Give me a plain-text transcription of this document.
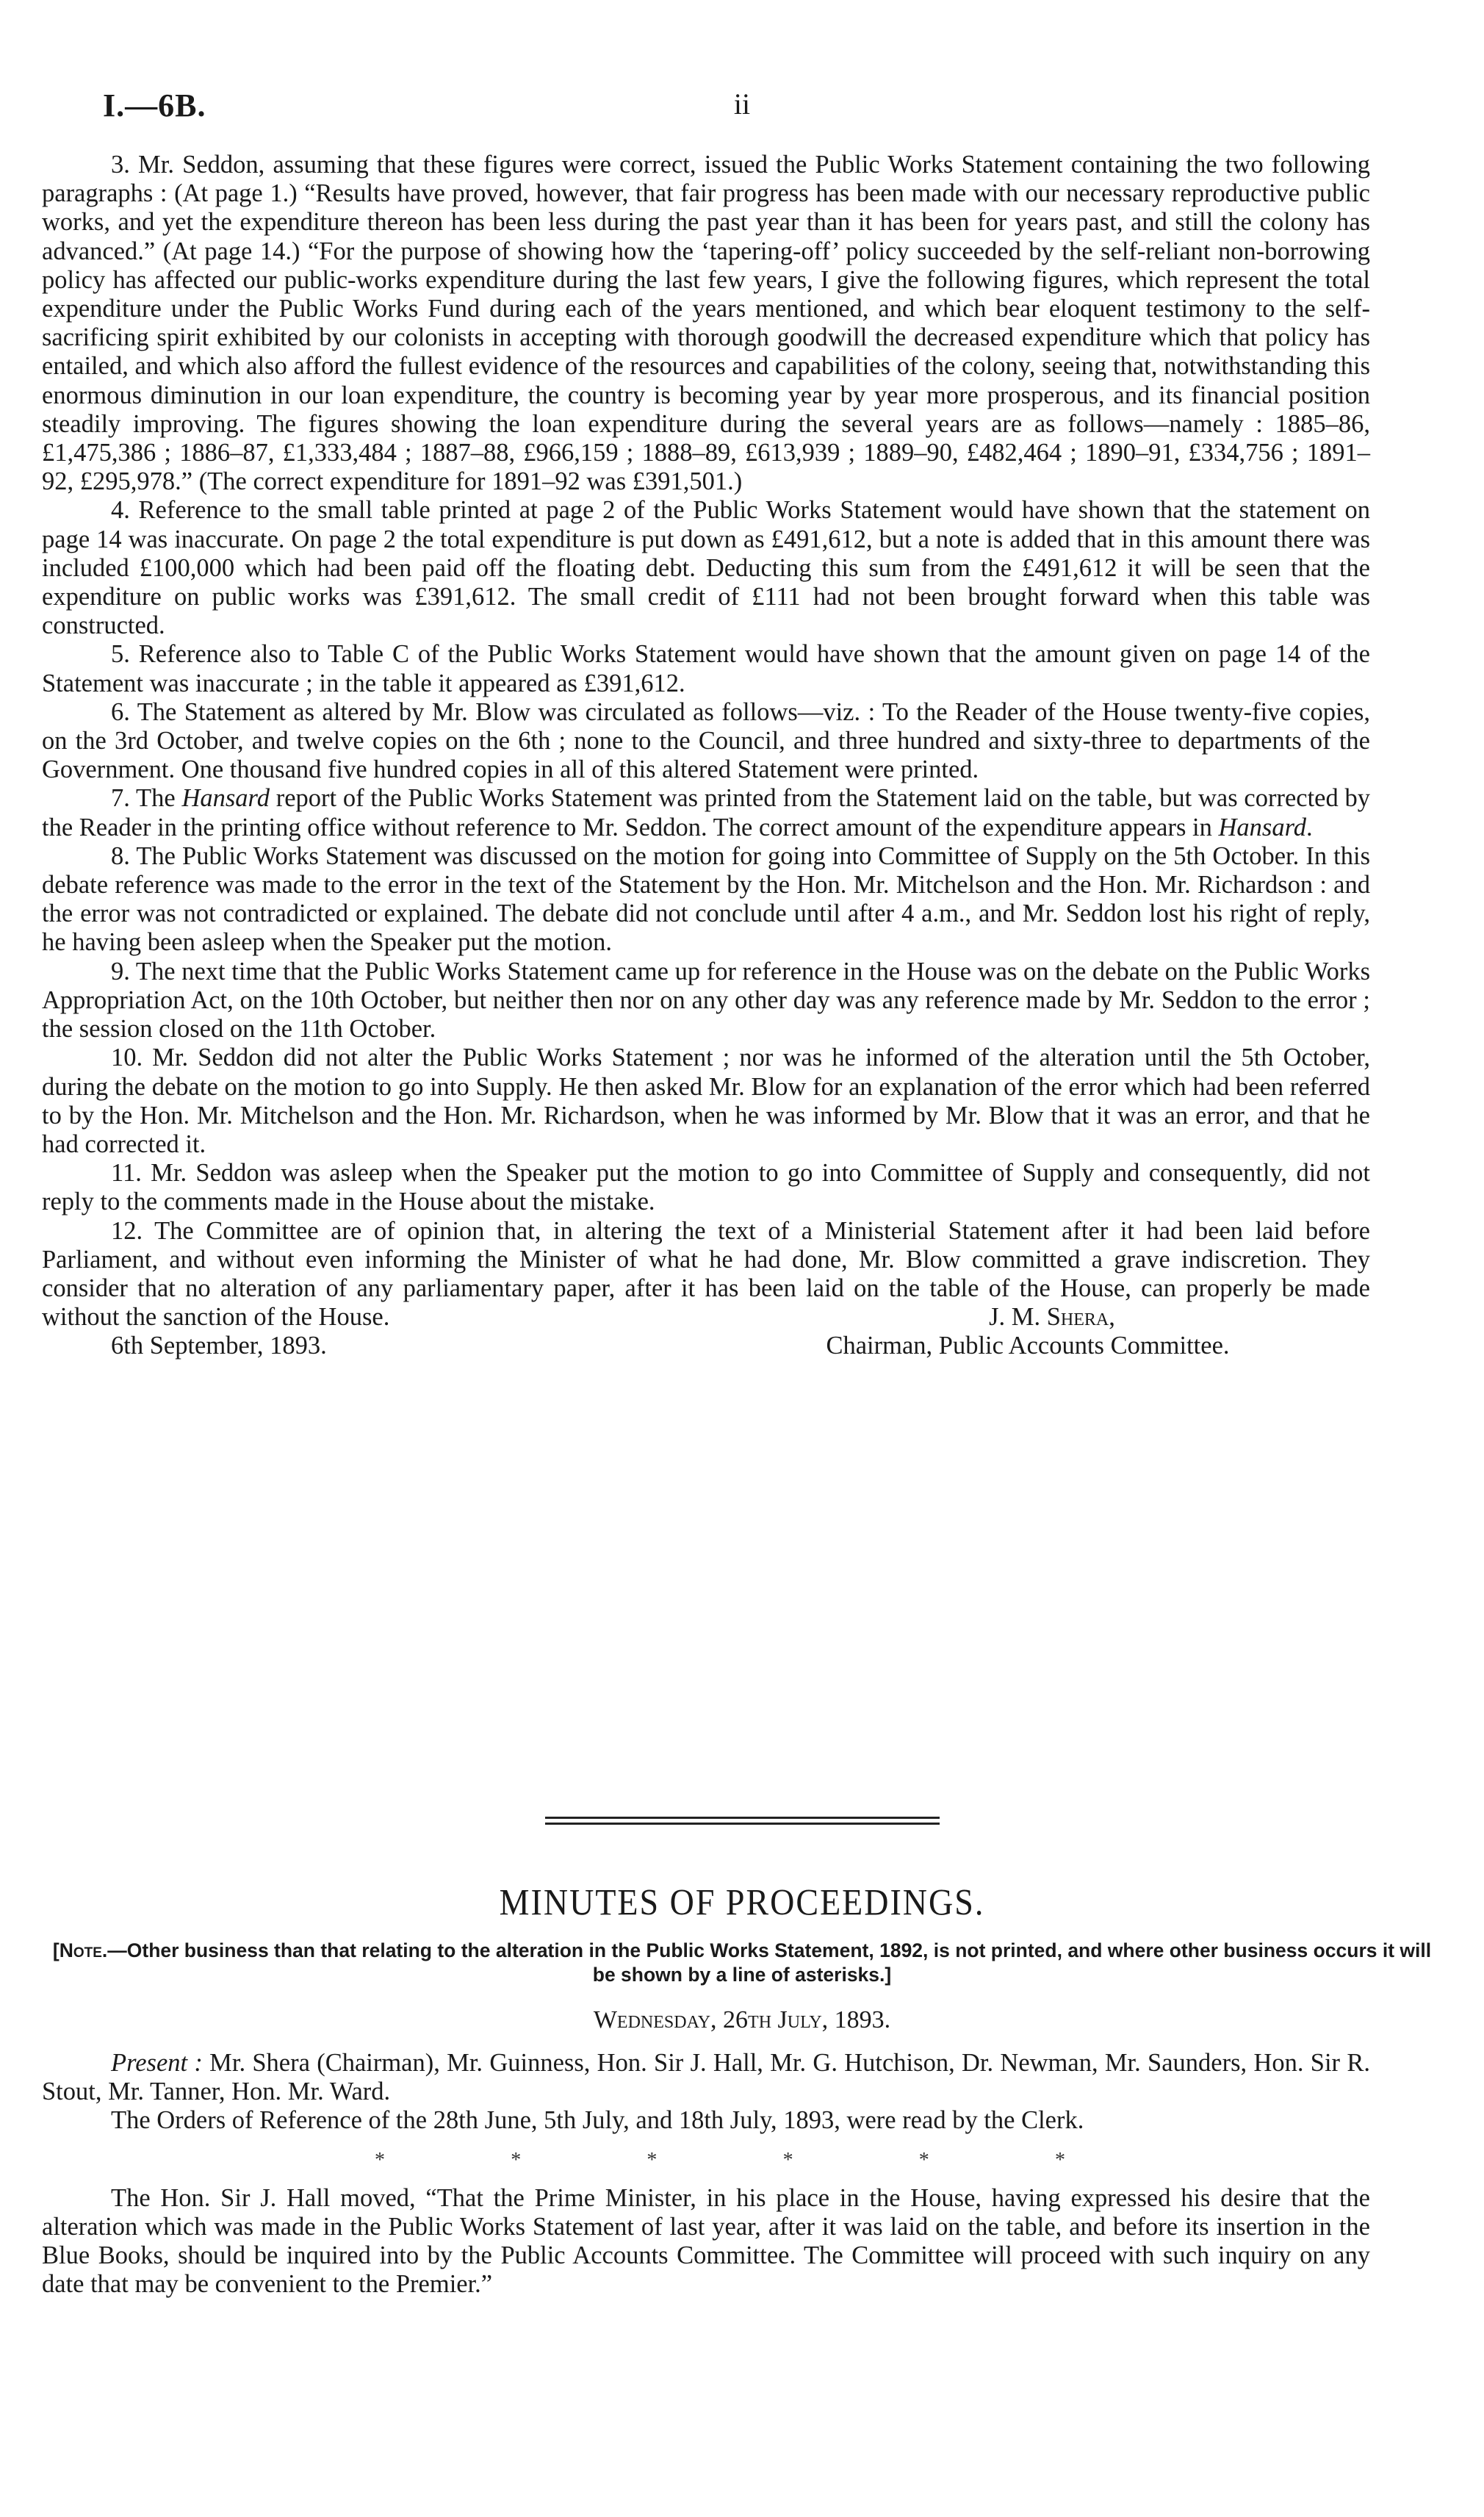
I.—6B.	ii

3. Mr. Seddon, assuming that these figures were correct, issued the Public Works Statement containing the two following paragraphs : (At page 1.) “Results have proved, however, that fair progress has been made with our necessary reproductive public works, and yet the expenditure thereon has been less during the past year than it has been for years past, and still the colony has advanced.” (At page 14.) “For the purpose of showing how the ‘tapering-off’ policy succeeded by the self-reliant non-borrowing policy has affected our public-works expenditure during the last few years, I give the following figures, which represent the total expenditure under the Public Works Fund during each of the years mentioned, and which bear eloquent testimony to the self-sacrificing spirit exhibited by our colonists in accepting with thorough goodwill the decreased expenditure which that policy has entailed, and which also afford the fullest evidence of the resources and capabilities of the colony, seeing that, notwithstanding this enormous diminution in our loan expenditure, the country is becoming year by year more prosperous, and its financial position steadily improving. The figures showing the loan expenditure during the several years are as follows—namely : 1885–86, £1,475,386 ; 1886–87, £1,333,484 ; 1887–88, £966,159 ; 1888–89, £613,939 ; 1889–90, £482,464 ; 1890–91, £334,756 ; 1891–92, £295,978.” (The correct expenditure for 1891–92 was £391,501.)

4. Reference to the small table printed at page 2 of the Public Works Statement would have shown that the statement on page 14 was inaccurate. On page 2 the total expenditure is put down as £491,612, but a note is added that in this amount there was included £100,000 which had been paid off the floating debt. Deducting this sum from the £491,612 it will be seen that the expenditure on public works was £391,612. The small credit of £111 had not been brought forward when this table was constructed.

5. Reference also to Table C of the Public Works Statement would have shown that the amount given on page 14 of the Statement was inaccurate ; in the table it appeared as £391,612.

6. The Statement as altered by Mr. Blow was circulated as follows—viz. : To the Reader of the House twenty-five copies, on the 3rd October, and twelve copies on the 6th ; none to the Council, and three hundred and sixty-three to departments of the Government. One thousand five hundred copies in all of this altered Statement were printed.

7. The Hansard report of the Public Works Statement was printed from the Statement laid on the table, but was corrected by the Reader in the printing office without reference to Mr. Seddon. The correct amount of the expenditure appears in Hansard.

8. The Public Works Statement was discussed on the motion for going into Committee of Supply on the 5th October. In this debate reference was made to the error in the text of the Statement by the Hon. Mr. Mitchelson and the Hon. Mr. Richardson : and the error was not contradicted or explained. The debate did not conclude until after 4 a.m., and Mr. Seddon lost his right of reply, he having been asleep when the Speaker put the motion.

9. The next time that the Public Works Statement came up for reference in the House was on the debate on the Public Works Appropriation Act, on the 10th October, but neither then nor on any other day was any reference made by Mr. Seddon to the error ; the session closed on the 11th October.

10. Mr. Seddon did not alter the Public Works Statement ; nor was he informed of the alteration until the 5th October, during the debate on the motion to go into Supply. He then asked Mr. Blow for an explanation of the error which had been referred to by the Hon. Mr. Mitchelson and the Hon. Mr. Richardson, when he was informed by Mr. Blow that it was an error, and that he had corrected it.

11. Mr. Seddon was asleep when the Speaker put the motion to go into Committee of Supply and consequently, did not reply to the comments made in the House about the mistake.

12. The Committee are of opinion that, in altering the text of a Ministerial Statement after it had been laid before Parliament, and without even informing the Minister of what he had done, Mr. Blow committed a grave indiscretion. They consider that no alteration of any parliamentary paper, after it has been laid on the table of the House, can properly be made without the sanction of the House.	J. M. Shera,
6th September, 1893.	Chairman, Public Accounts Committee.
MINUTES OF PROCEEDINGS.
[Note.—Other business than that relating to the alteration in the Public Works Statement, 1892, is not printed, and where other business occurs it will be shown by a line of asterisks.]
Wednesday, 26th July, 1893.

Present : Mr. Shera (Chairman), Mr. Guinness, Hon. Sir J. Hall, Mr. G. Hutchison, Dr. Newman, Mr. Saunders, Hon. Sir R. Stout, Mr. Tanner, Hon. Mr. Ward.

The Orders of Reference of the 28th June, 5th July, and 18th July, 1893, were read by the Clerk.

*	*	*	*	*	*

The Hon. Sir J. Hall moved, “That the Prime Minister, in his place in the House, having expressed his desire that the alteration which was made in the Public Works Statement of last year, after it was laid on the table, and before its insertion in the Blue Books, should be inquired into by the Public Accounts Committee. The Committee will proceed with such inquiry on any date that may be convenient to the Premier.”
